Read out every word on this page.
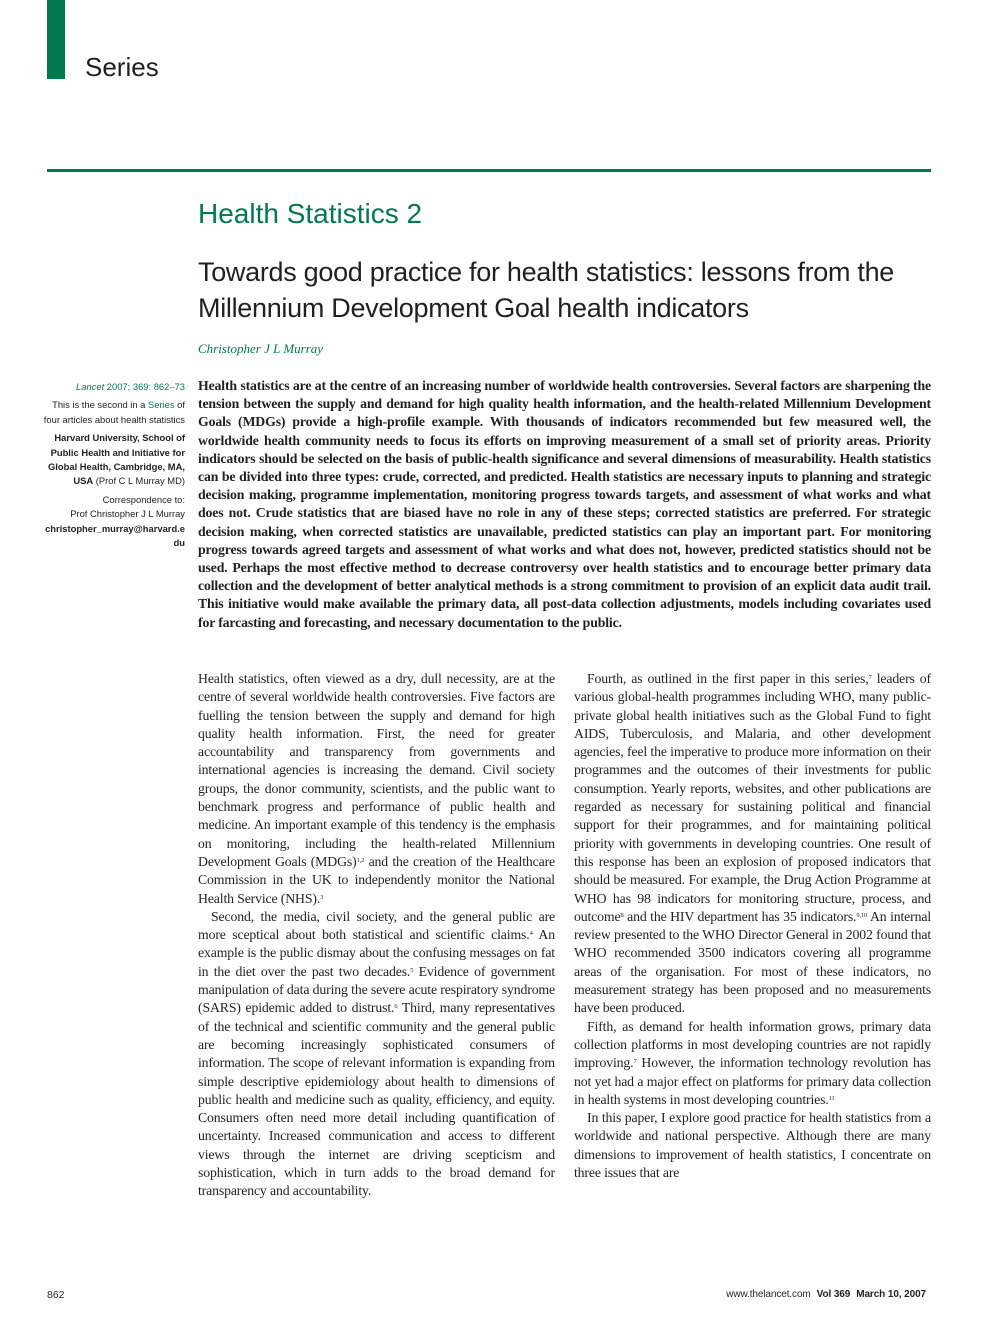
Series
Health Statistics 2
Towards good practice for health statistics: lessons from the Millennium Development Goal health indicators
Christopher J L Murray

Lancet 2007; 369: 862–73

This is the second in a Series of four articles about health statistics

Harvard University, School of Public Health and Initiative for Global Health, Cambridge, MA, USA (Prof C L Murray MD)

Correspondence to:

Prof Christopher J L Murray

christopher_murray@harvard.edu

Health statistics are at the centre of an increasing number of worldwide health controversies. Several factors are sharpening the tension between the supply and demand for high quality health information, and the health-related Millennium Development Goals (MDGs) provide a high-profile example. With thousands of indicators recommended but few measured well, the worldwide health community needs to focus its efforts on improving measurement of a small set of priority areas. Priority indicators should be selected on the basis of public-health significance and several dimensions of measurability. Health statistics can be divided into three types: crude, corrected, and predicted. Health statistics are necessary inputs to planning and strategic decision making, programme implementation, monitoring progress towards targets, and assessment of what works and what does not. Crude statistics that are biased have no role in any of these steps; corrected statistics are preferred. For strategic decision making, when corrected statistics are unavailable, predicted statistics can play an important part. For monitoring progress towards agreed targets and assessment of what works and what does not, however, predicted statistics should not be used. Perhaps the most effective method to decrease controversy over health statistics and to encourage better primary data collection and the development of better analytical methods is a strong commitment to provision of an explicit data audit trail. This initiative would make available the primary data, all post-data collection adjustments, models including covariates used for farcasting and forecasting, and necessary documentation to the public.

Health statistics, often viewed as a dry, dull necessity, are at the centre of several worldwide health controversies. Five factors are fuelling the tension between the supply and demand for high quality health information. First, the need for greater accountability and transparency from governments and international agencies is increasing the demand. Civil society groups, the donor community, scientists, and the public want to benchmark progress and performance of public health and medicine. An important example of this tendency is the emphasis on monitoring, including the health-related Millennium Development Goals (MDGs)$^{1,2}$ and the creation of the Healthcare Commission in the UK to independently monitor the National Health Service (NHS).$^3$

Second, the media, civil society, and the general public are more sceptical about both statistical and scientific claims.$^4$ An example is the public dismay about the confusing messages on fat in the diet over the past two decades.$^5$ Evidence of government manipulation of data during the severe acute respiratory syndrome (SARS) epidemic added to distrust.$^6$ Third, many representatives of the technical and scientific community and the general public are becoming increasingly sophisticated consumers of information. The scope of relevant information is expanding from simple descriptive epidemiology about health to dimensions of public health and medicine such as quality, efficiency, and equity. Consumers often need more detail including quantification of uncertainty. Increased communication and access to different views through the internet are driving scepticism and sophistication, which in turn adds to the broad demand for transparency and accountability.

Fourth, as outlined in the first paper in this series,$^7$ leaders of various global-health programmes including WHO, many public-private global health initiatives such as the Global Fund to fight AIDS, Tuberculosis, and Malaria, and other development agencies, feel the imperative to produce more information on their programmes and the outcomes of their investments for public consumption. Yearly reports, websites, and other publications are regarded as necessary for sustaining political and financial support for their programmes, and for maintaining political priority with governments in developing countries. One result of this response has been an explosion of proposed indicators that should be measured. For example, the Drug Action Programme at WHO has 98 indicators for monitoring structure, process, and outcome$^8$ and the HIV department has 35 indicators.$^{9,10}$ An internal review presented to the WHO Director General in 2002 found that WHO recommended 3500 indicators covering all programme areas of the organisation. For most of these indicators, no measurement strategy has been proposed and no measurements have been produced.

Fifth, as demand for health information grows, primary data collection platforms in most developing countries are not rapidly improving.$^7$ However, the information technology revolution has not yet had a major effect on platforms for primary data collection in health systems in most developing countries.$^{11}$

In this paper, I explore good practice for health statistics from a worldwide and national perspective. Although there are many dimensions to improvement of health statistics, I concentrate on three issues that are

862	www.thelancet.com Vol 369 March 10, 2007
